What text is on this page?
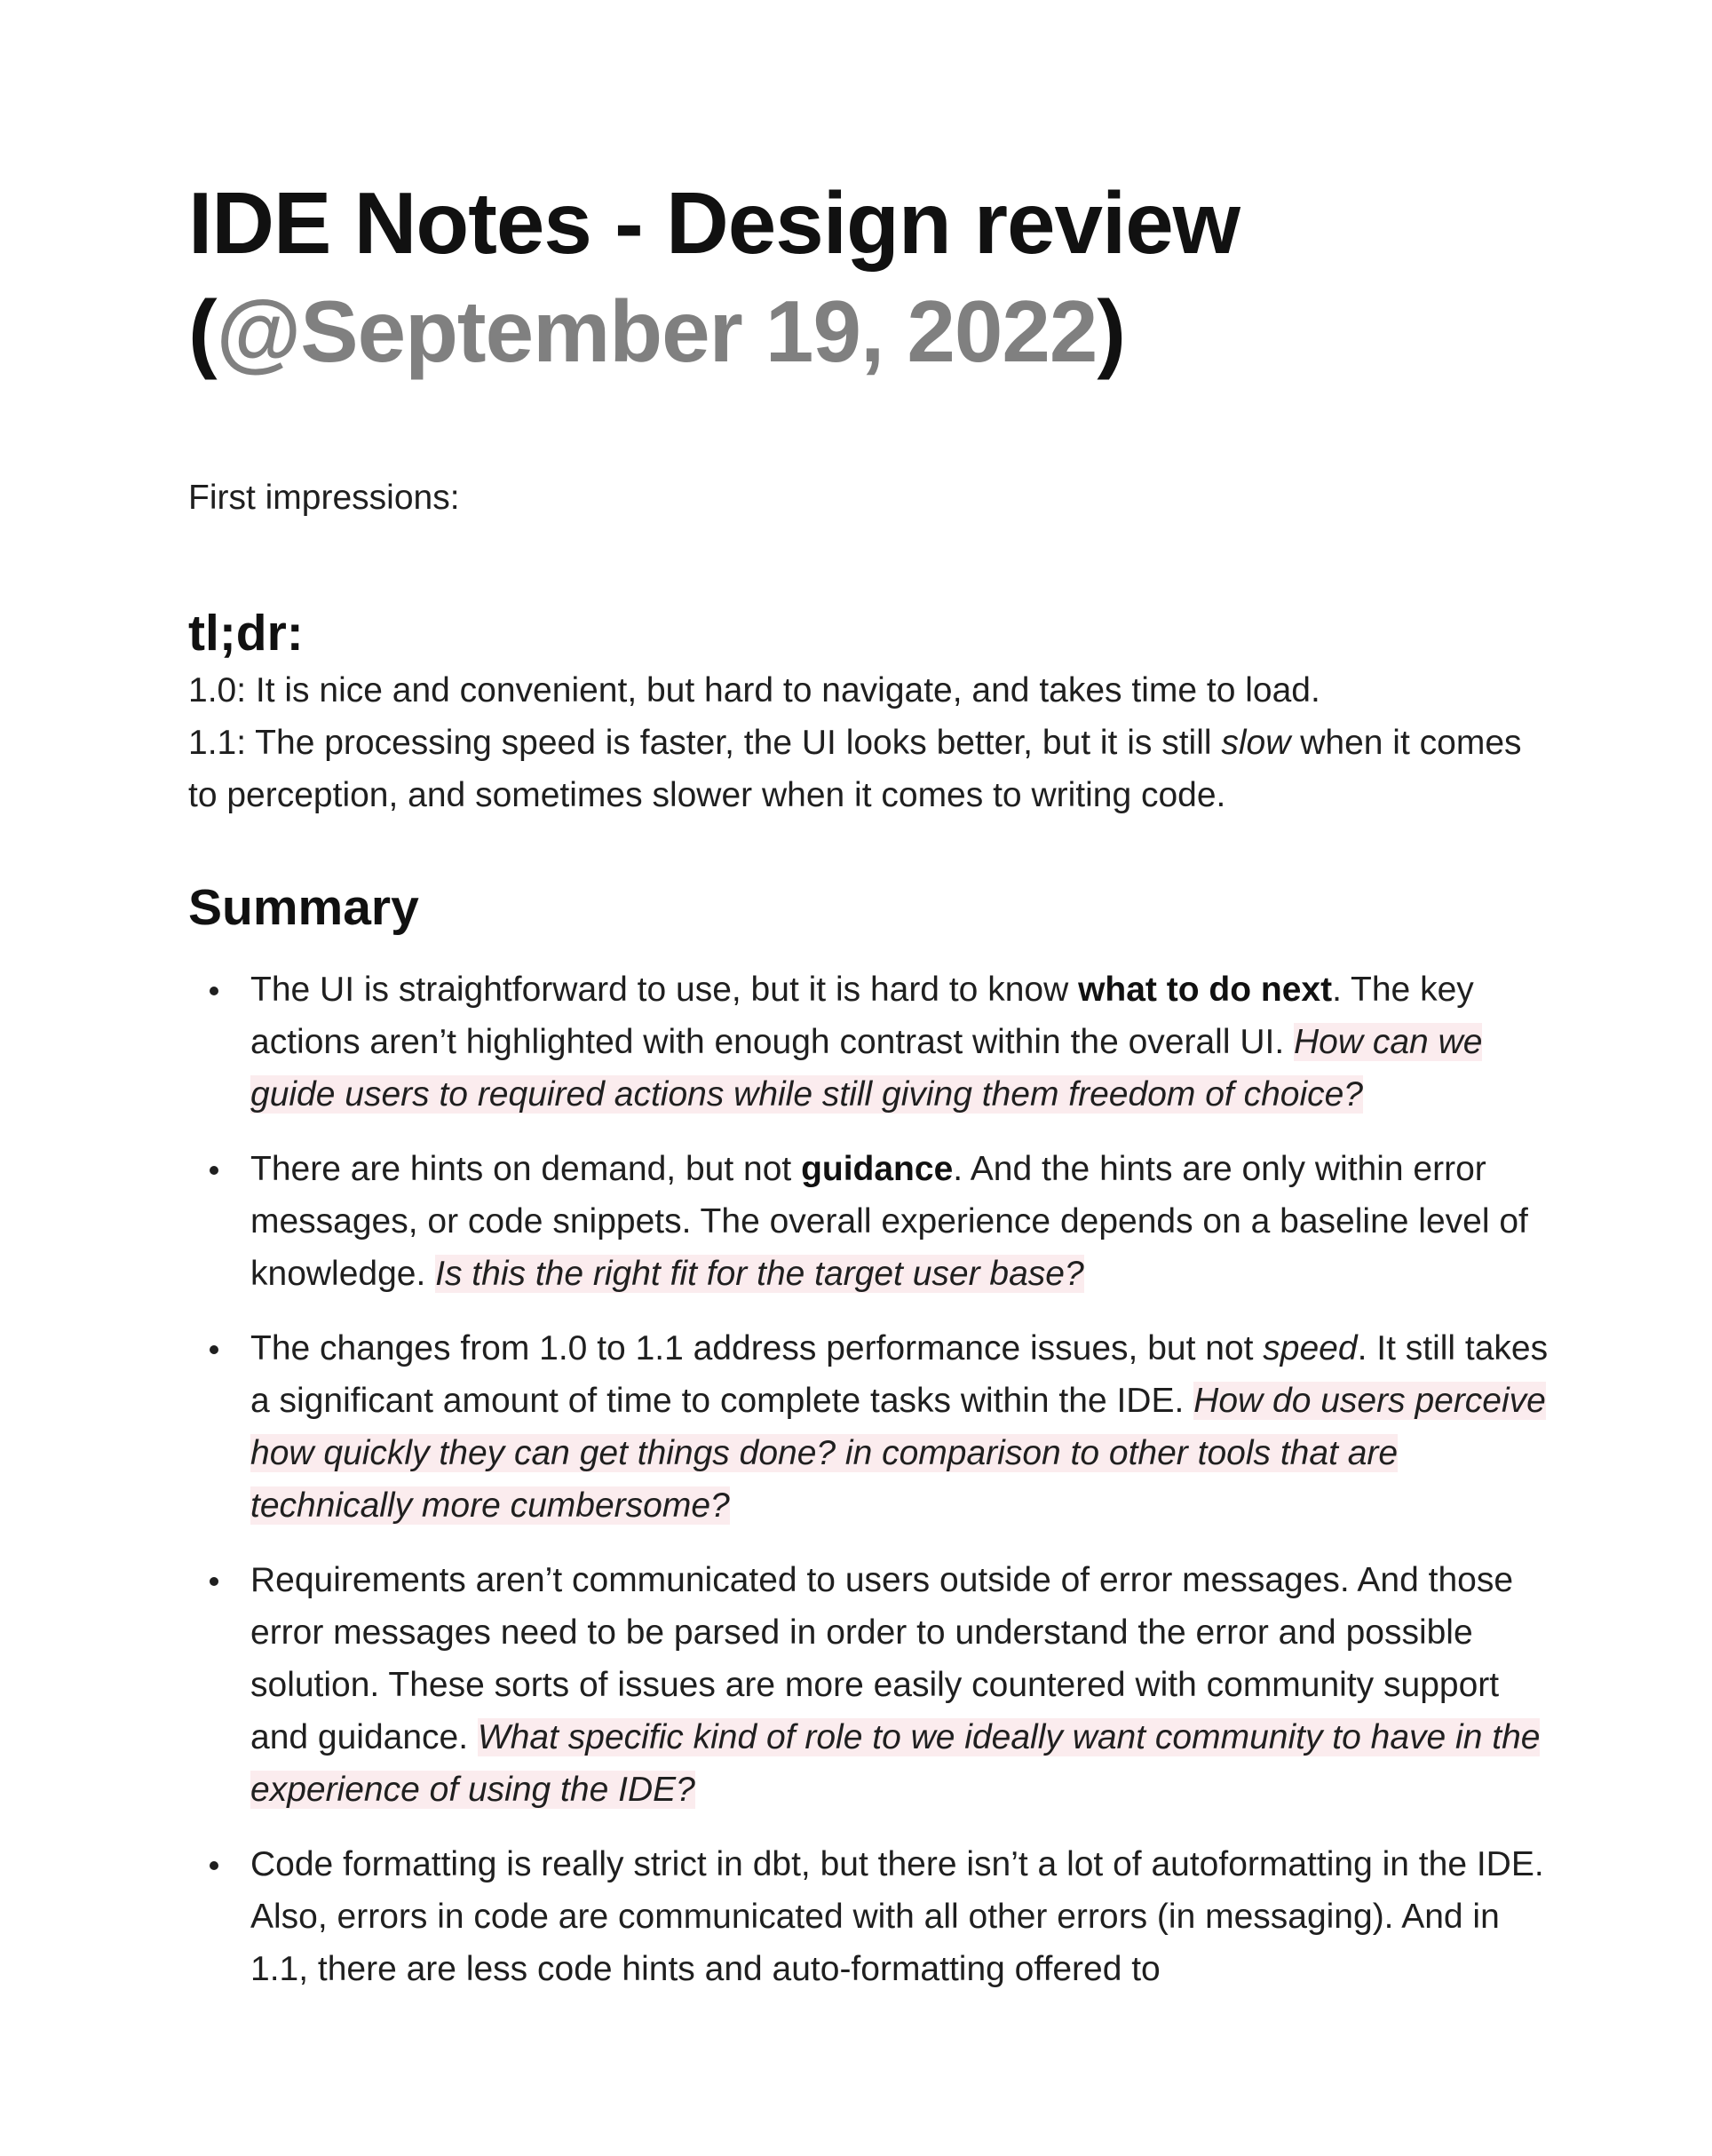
IDE Notes - Design review
(@September 19, 2022)

First impressions:

tl;dr:

1.0: It is nice and convenient, but hard to navigate, and takes time to load.

1.1: The processing speed is faster, the UI looks better, but it is still slow when it comes to perception, and sometimes slower when it comes to writing code.

Summary
The UI is straightforward to use, but it is hard to know what to do next. The key actions aren’t highlighted with enough contrast within the overall UI. How can we guide users to required actions while still giving them freedom of choice?
There are hints on demand, but not guidance. And the hints are only within error messages, or code snippets. The overall experience depends on a baseline level of knowledge. Is this the right fit for the target user base?
The changes from 1.0 to 1.1 address performance issues, but not speed. It still takes a significant amount of time to complete tasks within the IDE. How do users perceive how quickly they can get things done? in comparison to other tools that are technically more cumbersome?
Requirements aren’t communicated to users outside of error messages. And those error messages need to be parsed in order to understand the error and possible solution. These sorts of issues are more easily countered with community support and guidance. What specific kind of role to we ideally want community to have in the experience of using the IDE?
Code formatting is really strict in dbt, but there isn’t a lot of autoformatting in the IDE. Also, errors in code are communicated with all other errors (in messaging). And in 1.1, there are less code hints and auto-formatting offered to
